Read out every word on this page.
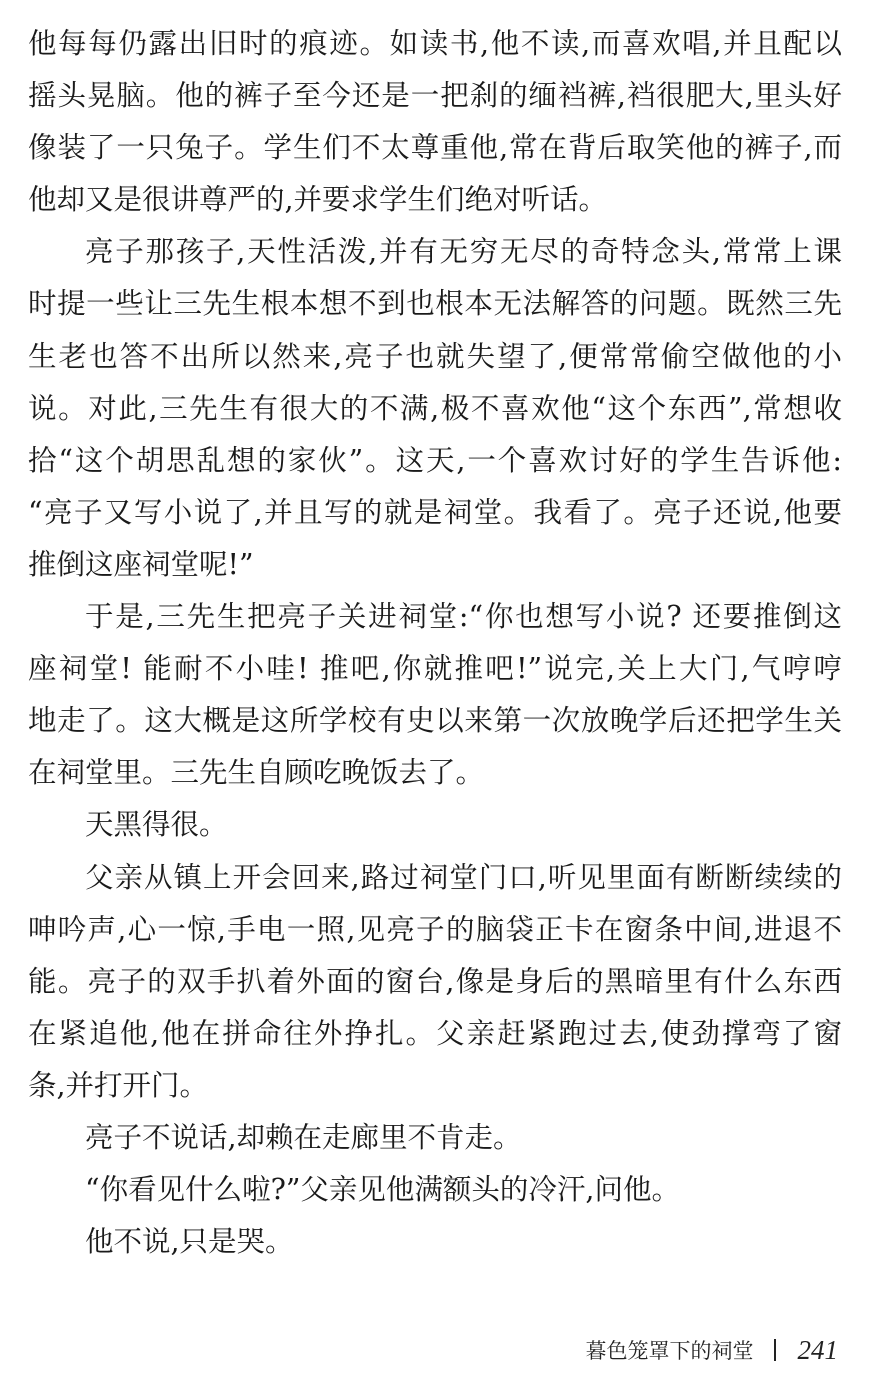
他每每仍露出旧时的痕迹。如读书,他不读,而喜欢唱,并且配以
摇头晃脑。他的裤子至今还是一把刹的缅裆裤,裆很肥大,里头好
像装了一只兔子。学生们不太尊重他,常在背后取笑他的裤子,而
他却又是很讲尊严的,并要求学生们绝对听话。
亮子那孩子,天性活泼,并有无穷无尽的奇特念头,常常上课
时提一些让三先生根本想不到也根本无法解答的问题。既然三先
生老也答不出所以然来,亮子也就失望了,便常常偷空做他的小
说。对此,三先生有很大的不满,极不喜欢他“这个东西”,常想收
拾“这个胡思乱想的家伙”。这天,一个喜欢讨好的学生告诉他:
“亮子又写小说了,并且写的就是祠堂。我看了。亮子还说,他要
推倒这座祠堂呢!”
于是,三先生把亮子关进祠堂:“你也想写小说? 还要推倒这
座祠堂! 能耐不小哇! 推吧,你就推吧!”说完,关上大门,气哼哼
地走了。这大概是这所学校有史以来第一次放晚学后还把学生关
在祠堂里。三先生自顾吃晚饭去了。
天黑得很。
父亲从镇上开会回来,路过祠堂门口,听见里面有断断续续的
呻吟声,心一惊,手电一照,见亮子的脑袋正卡在窗条中间,进退不
能。亮子的双手扒着外面的窗台,像是身后的黑暗里有什么东西
在紧追他,他在拼命往外挣扎。父亲赶紧跑过去,使劲撑弯了窗
条,并打开门。
亮子不说话,却赖在走廊里不肯走。
“你看见什么啦?”父亲见他满额头的冷汗,问他。
他不说,只是哭。
暮色笼罩下的祠堂 241
